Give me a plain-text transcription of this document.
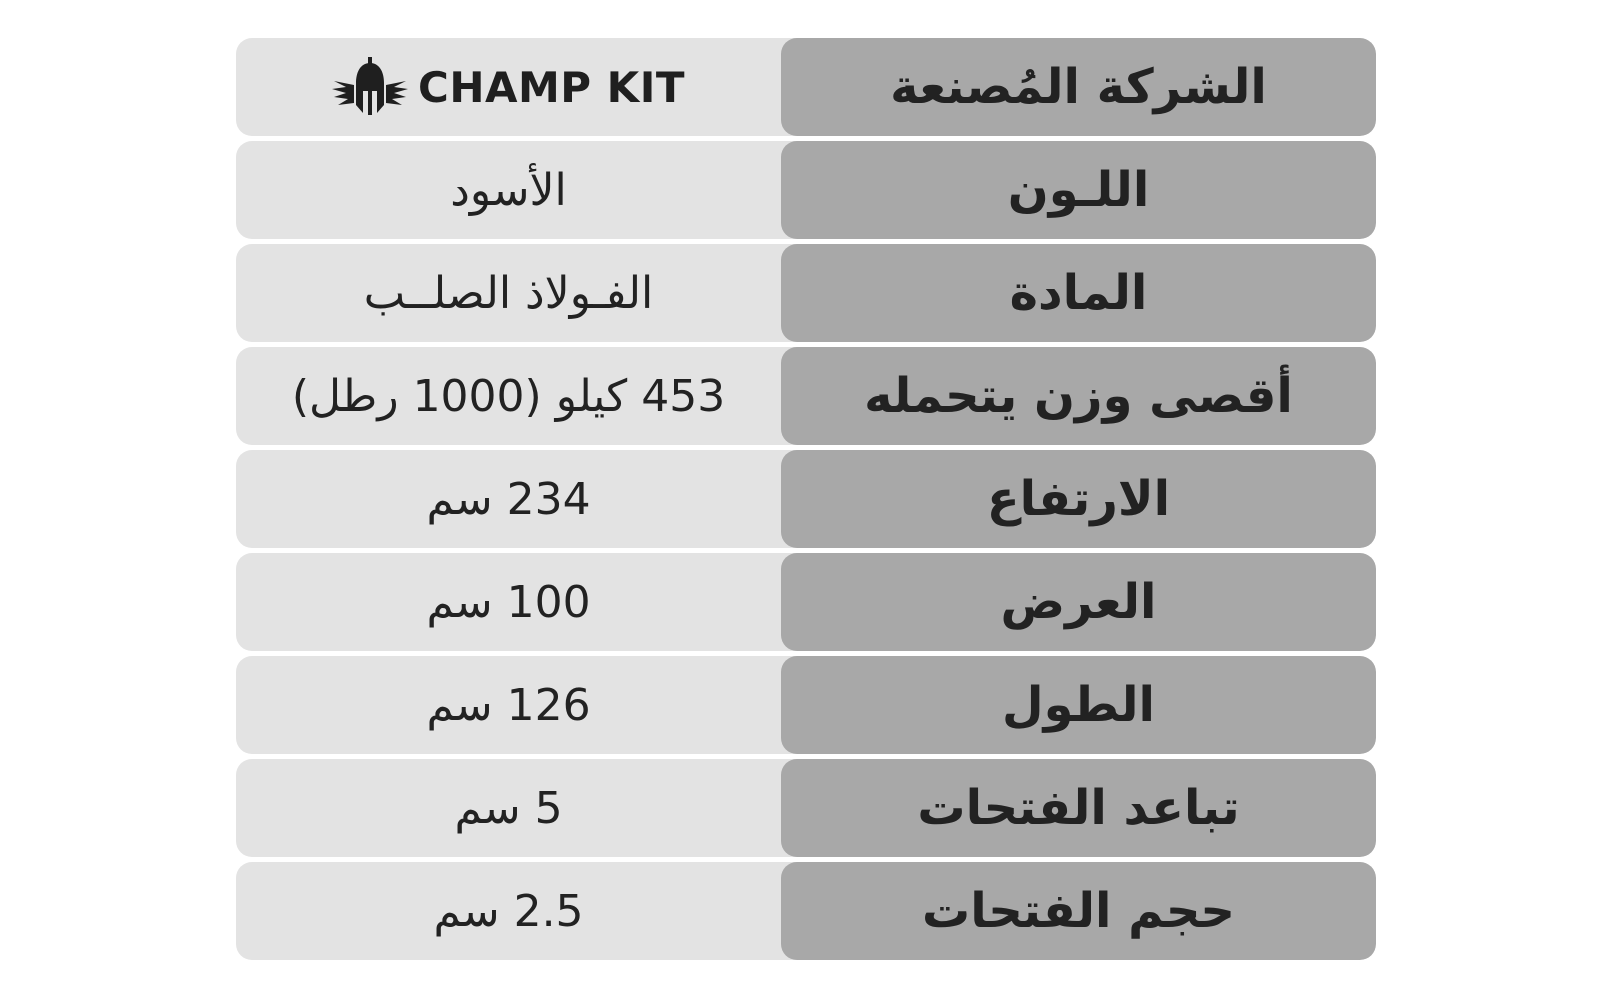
CHAMP KIT	الشركة المُصنعة
الأسود	اللـون
الفـولاذ الصلــب	المادة
453 كيلو (1000 رطل)	أقصى وزن يتحمله
234 سم	الارتفاع
100 سم	العرض
126 سم	الطول
5 سم	تباعد الفتحات
2.5 سم	حجم الفتحات
